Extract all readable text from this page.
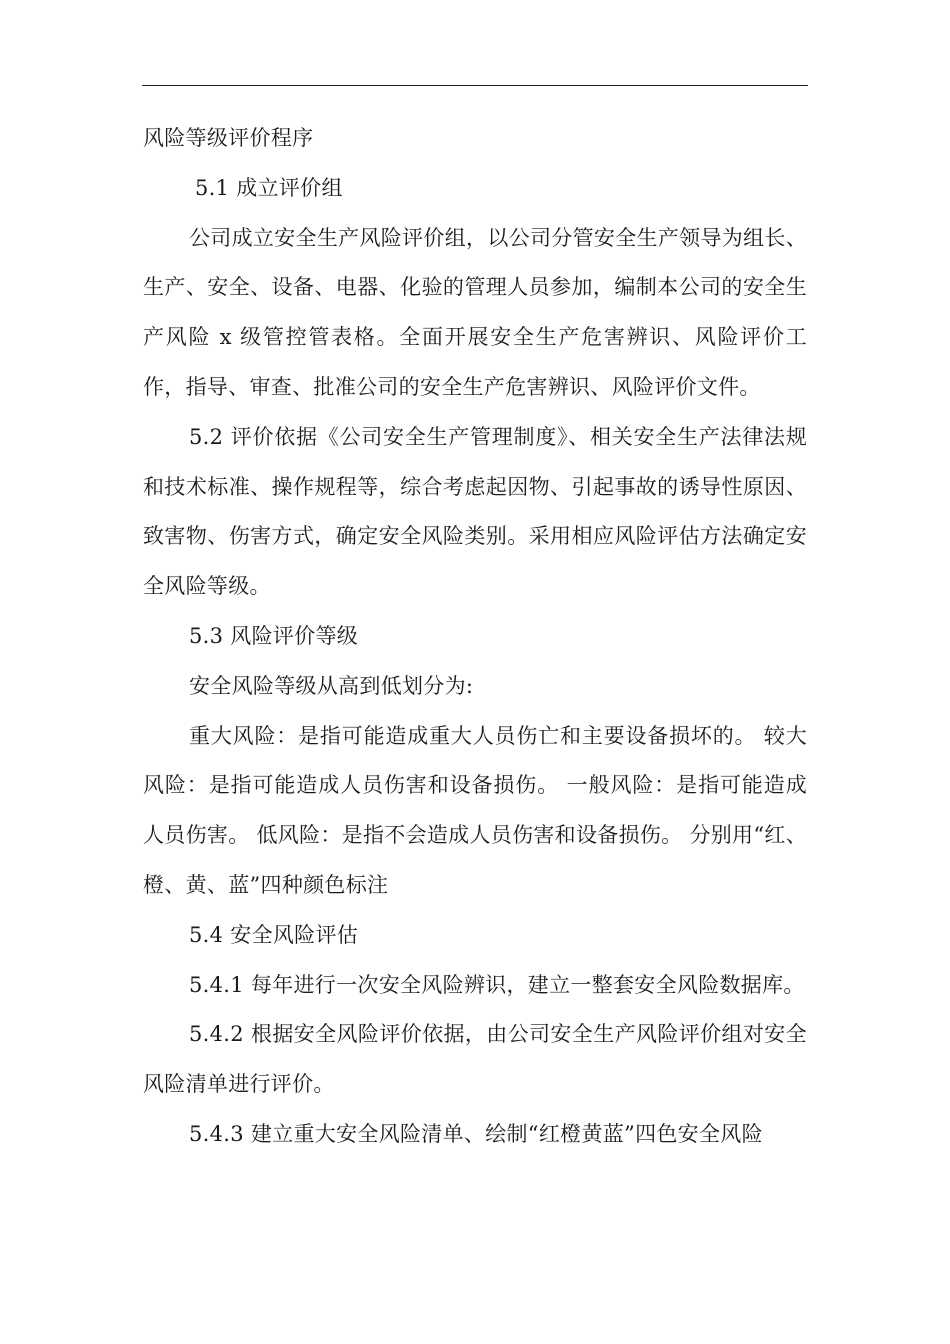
风险等级评价程序

5.1 成立评价组

公司成立安全生产风险评价组，以公司分管安全生产领导为组长、生产、安全、设备、电器、化验的管理人员参加，编制本公司的安全生产风险 x 级管控管表格。全面开展安全生产危害辨识、风险评价工作，指导、审查、批准公司的安全生产危害辨识、风险评价文件。

5.2 评价依据《公司安全生产管理制度》、相关安全生产法律法规和技术标准、操作规程等，综合考虑起因物、引起事故的诱导性原因、致害物、伤害方式，确定安全风险类别。采用相应风险评估方法确定安全风险等级。

5.3 风险评价等级

安全风险等级从高到低划分为:

重大风险：是指可能造成重大人员伤亡和主要设备损坏的。 较大风险：是指可能造成人员伤害和设备损伤。 一般风险：是指可能造成人员伤害。 低风险：是指不会造成人员伤害和设备损伤。 分别用“红、橙、黄、蓝”四种颜色标注

5.4 安全风险评估

5.4.1 每年进行一次安全风险辨识，建立一整套安全风险数据库。

5.4.2 根据安全风险评价依据，由公司安全生产风险评价组对安全风险清单进行评价。

5.4.3 建立重大安全风险清单、绘制“红橙黄蓝”四色安全风险
